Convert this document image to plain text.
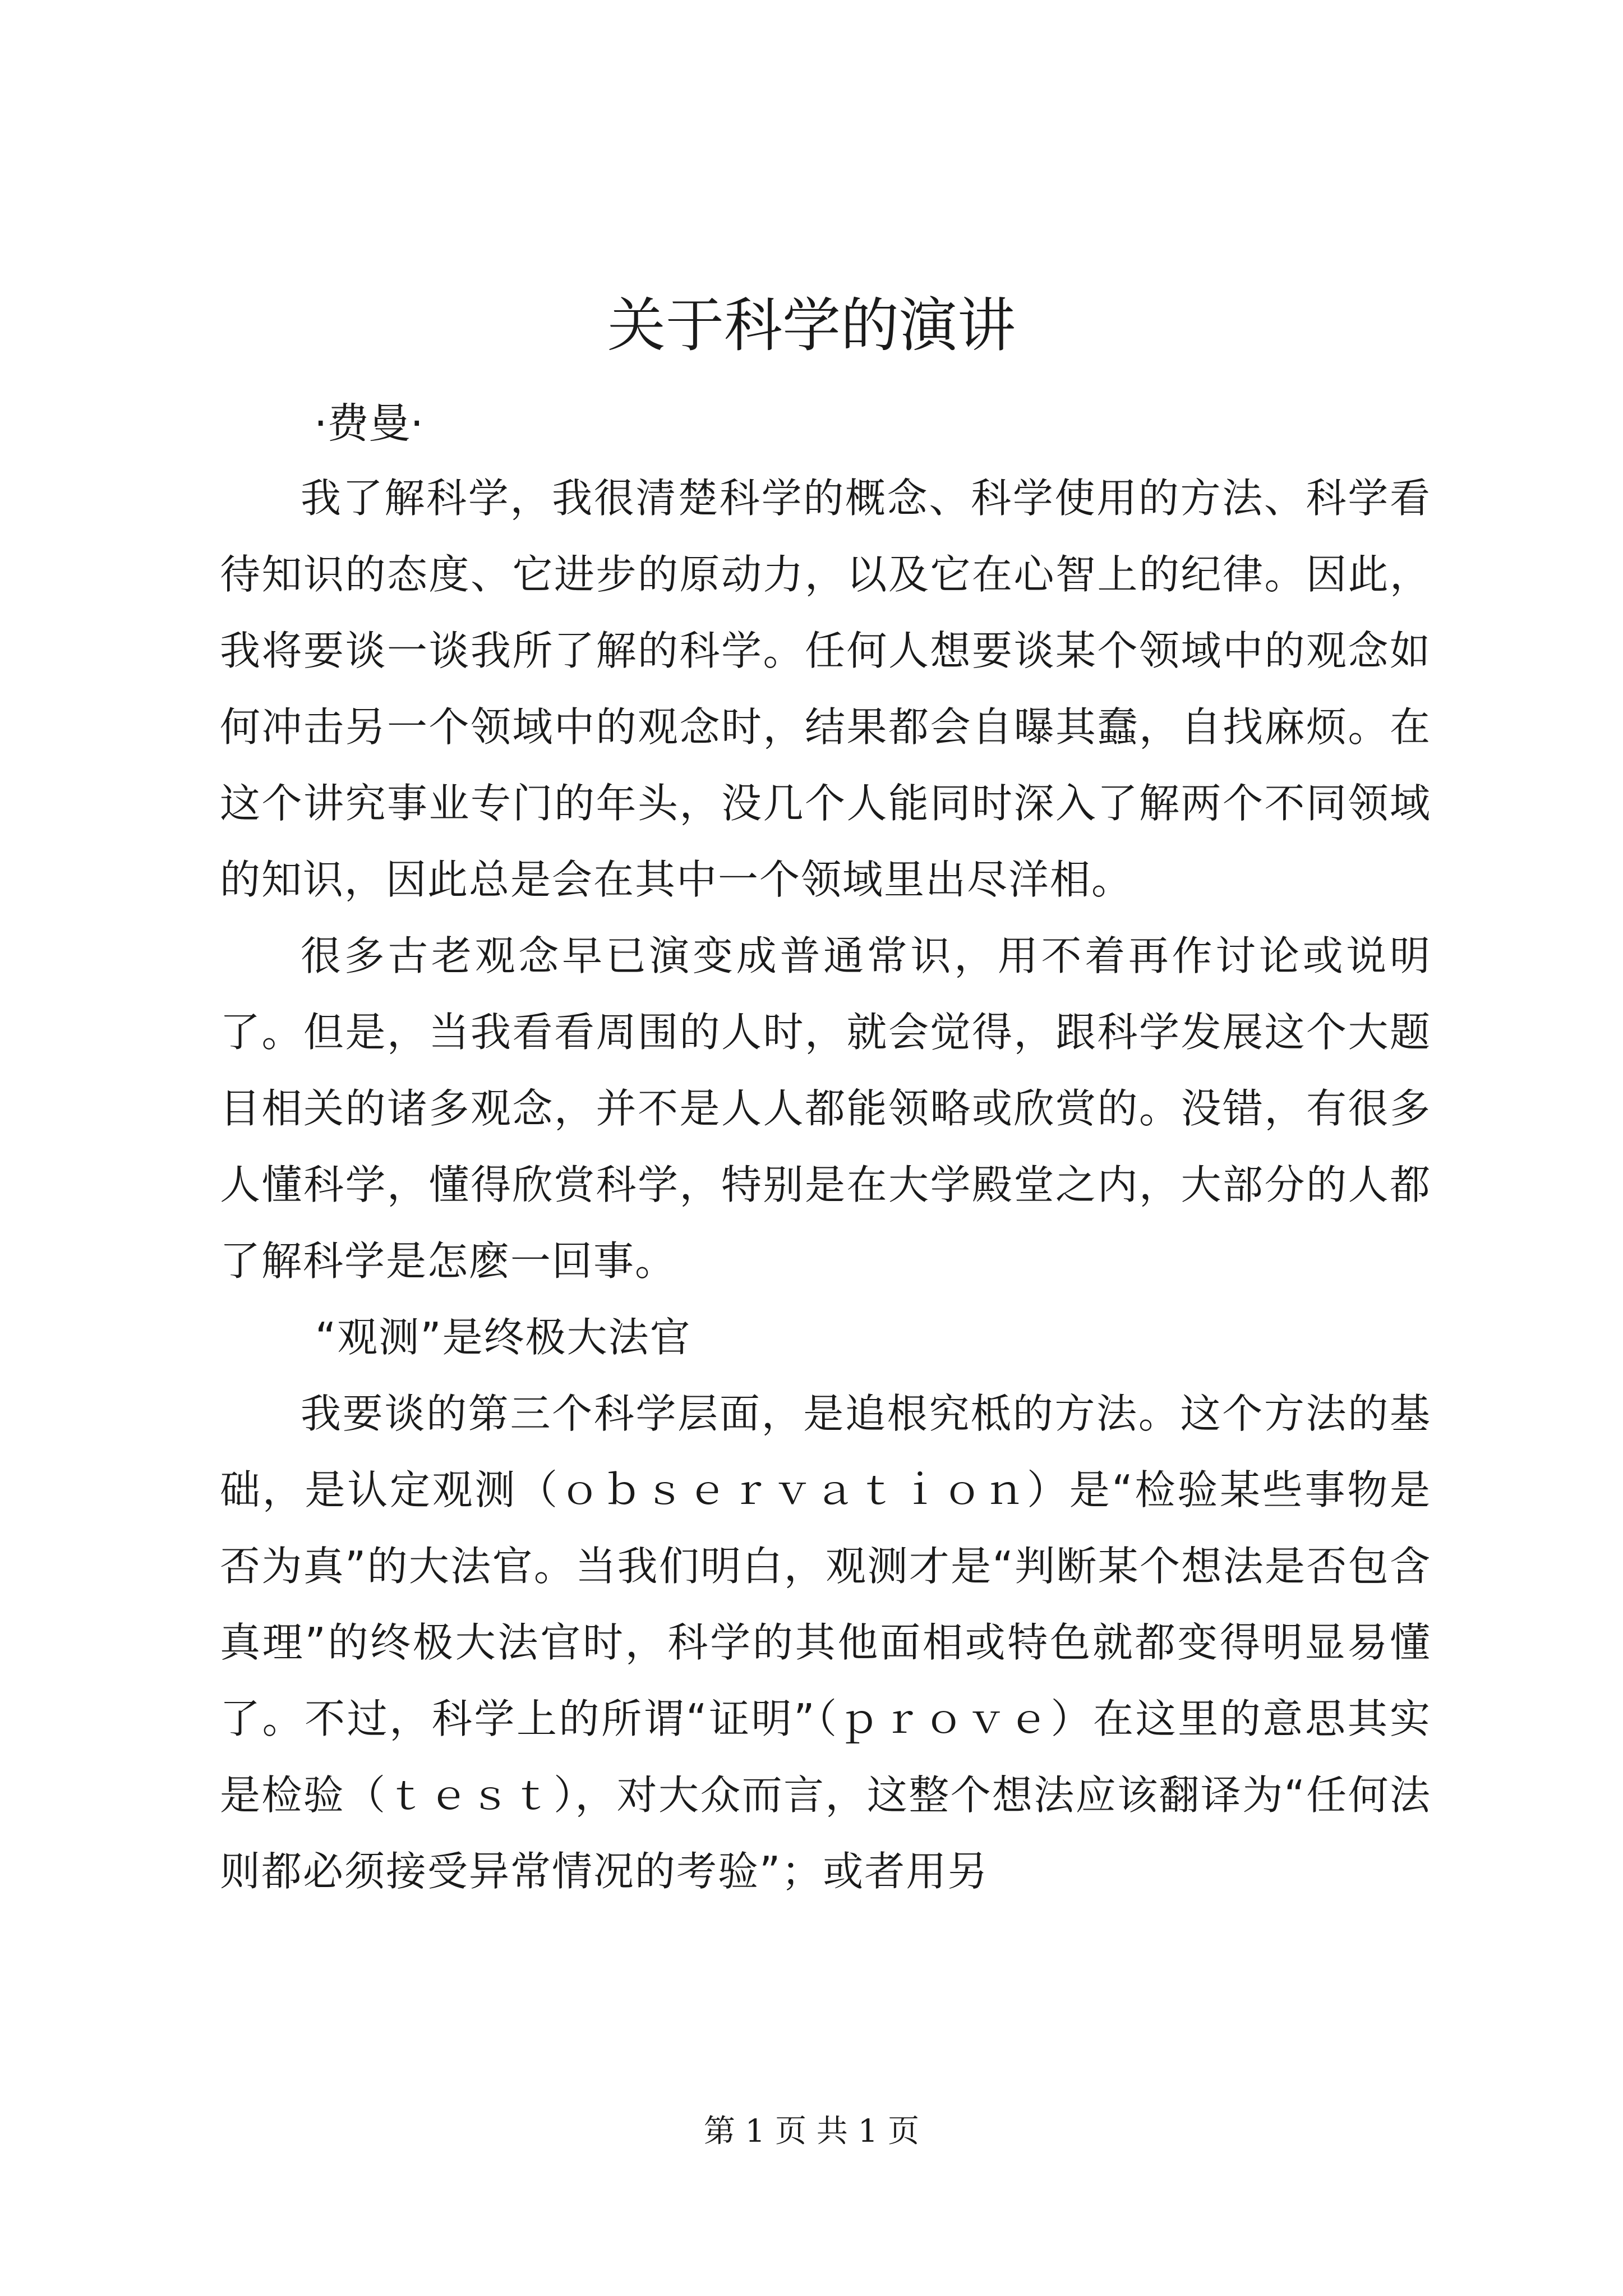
关于科学的演讲
·费曼·

我了解科学，我很清楚科学的概念、科学使用的方法、科学看待知识的态度、它进步的原动力，以及它在心智上的纪律。因此，我将要谈一谈我所了解的科学。任何人想要谈某个领域中的观念如何冲击另一个领域中的观念时，结果都会自曝其蠢，自找麻烦。在这个讲究事业专门的年头，没几个人能同时深入了解两个不同领域的知识，因此总是会在其中一个领域里出尽洋相。

很多古老观念早已演变成普通常识，用不着再作讨论或说明了。但是，当我看看周围的人时，就会觉得，跟科学发展这个大题目相关的诸多观念，并不是人人都能领略或欣赏的。没错，有很多人懂科学，懂得欣赏科学，特别是在大学殿堂之内，大部分的人都了解科学是怎麽一回事。

“观测”是终极大法官

我要谈的第三个科学层面，是追根究柢的方法。这个方法的基础，是认定观测（ｏｂｓｅｒｖａｔｉｏｎ）是“检验某些事物是否为真”的大法官。当我们明白，观测才是“判断某个想法是否包含真理”的终极大法官时，科学的其他面相或特色就都变得明显易懂了。不过，科学上的所谓“证明”（ｐｒｏｖｅ）在这里的意思其实是检验（ｔｅｓｔ），对大众而言，这整个想法应该翻译为“任何法则都必须接受异常情况的考验”；或者用另

第 1 页 共 1 页
